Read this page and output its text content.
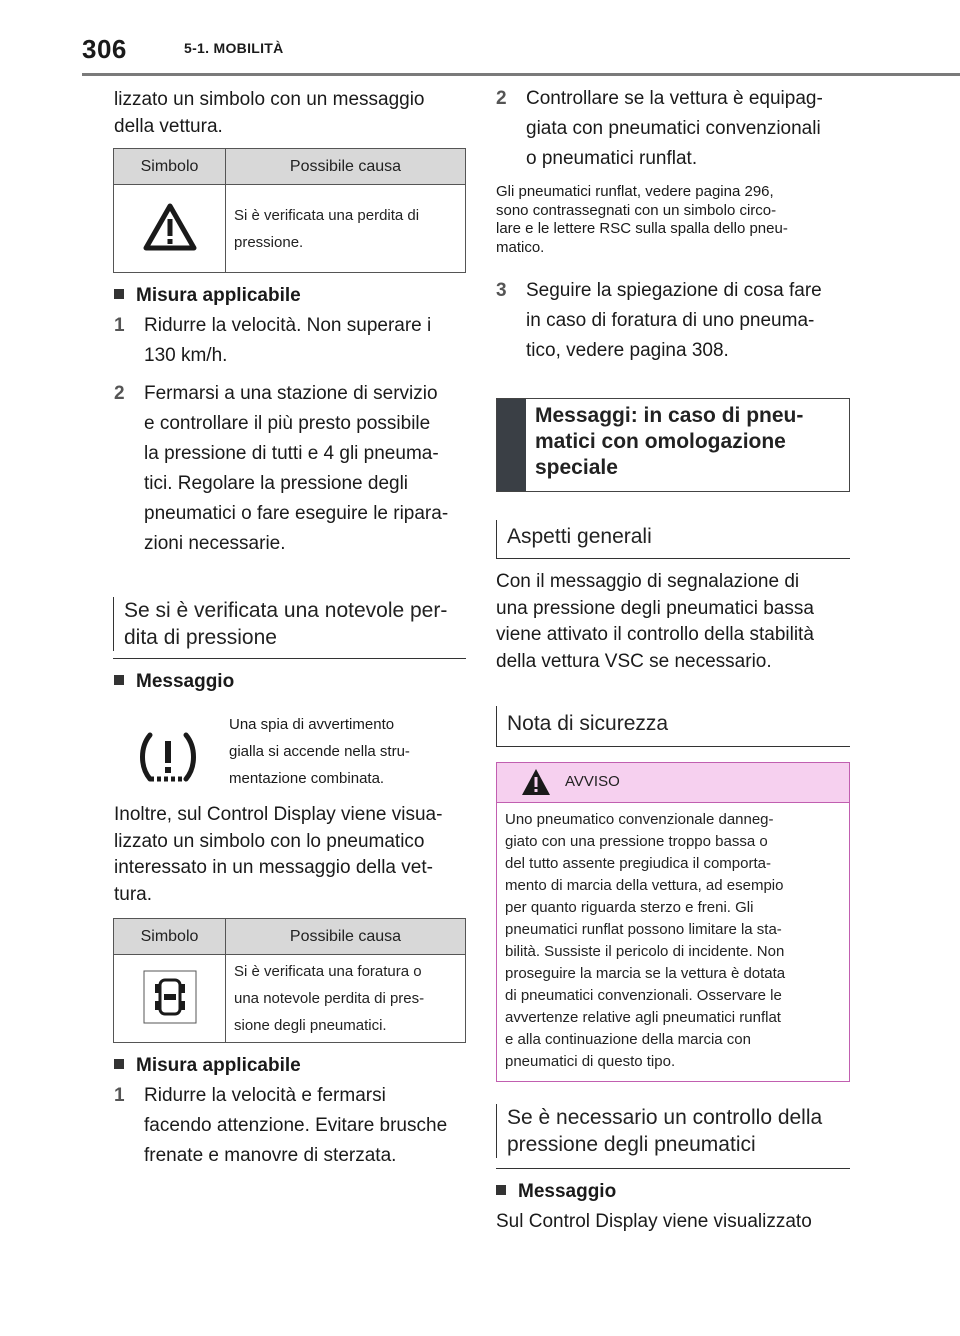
306	5-1. MOBILITÀ
lizzato un simbolo con un messaggio
della vettura.
Simbolo	Possibile causa

Si è verificata una perdita di
pressione.
Misura applicabile
1	Ridurre la velocità. Non superare i
130 km/h.
2	Fermarsi a una stazione di servizio
e controllare il più presto possibile
la pressione di tutti e 4 gli pneuma-
tici. Regolare la pressione degli
pneumatici o fare eseguire le ripara-
zioni necessarie.
Se si è verificata una notevole per-
dita di pressione
Messaggio
Una spia di avvertimento
gialla si accende nella stru-
mentazione combinata.
Inoltre, sul Control Display viene visua-
lizzato un simbolo con lo pneumatico
interessato in un messaggio della vet-
tura.
Simbolo	Possibile causa

Si è verificata una foratura o
una notevole perdita di pres-
sione degli pneumatici.
Misura applicabile
1	Ridurre la velocità e fermarsi
facendo attenzione. Evitare brusche
frenate e manovre di sterzata.
2	Controllare se la vettura è equipag-
giata con pneumatici convenzionali
o pneumatici runflat.
Gli pneumatici runflat, vedere pagina 296,
sono contrassegnati con un simbolo circo-
lare e le lettere RSC sulla spalla dello pneu-
matico.
3	Seguire la spiegazione di cosa fare
in caso di foratura di uno pneuma-
tico, vedere pagina 308.
Messaggi: in caso di pneu-
matici con omologazione
speciale
Aspetti generali
Con il messaggio di segnalazione di
una pressione degli pneumatici bassa
viene attivato il controllo della stabilità
della vettura VSC se necessario.
Nota di sicurezza
AVVISO
Uno pneumatico convenzionale danneg-
giato con una pressione troppo bassa o
del tutto assente pregiudica il comporta-
mento di marcia della vettura, ad esempio
per quanto riguarda sterzo e freni. Gli
pneumatici runflat possono limitare la sta-
bilità. Sussiste il pericolo di incidente. Non
proseguire la marcia se la vettura è dotata
di pneumatici convenzionali. Osservare le
avvertenze relative agli pneumatici runflat
e alla continuazione della marcia con
pneumatici di questo tipo.
Se è necessario un controllo della
pressione degli pneumatici
Messaggio
Sul Control Display viene visualizzato
